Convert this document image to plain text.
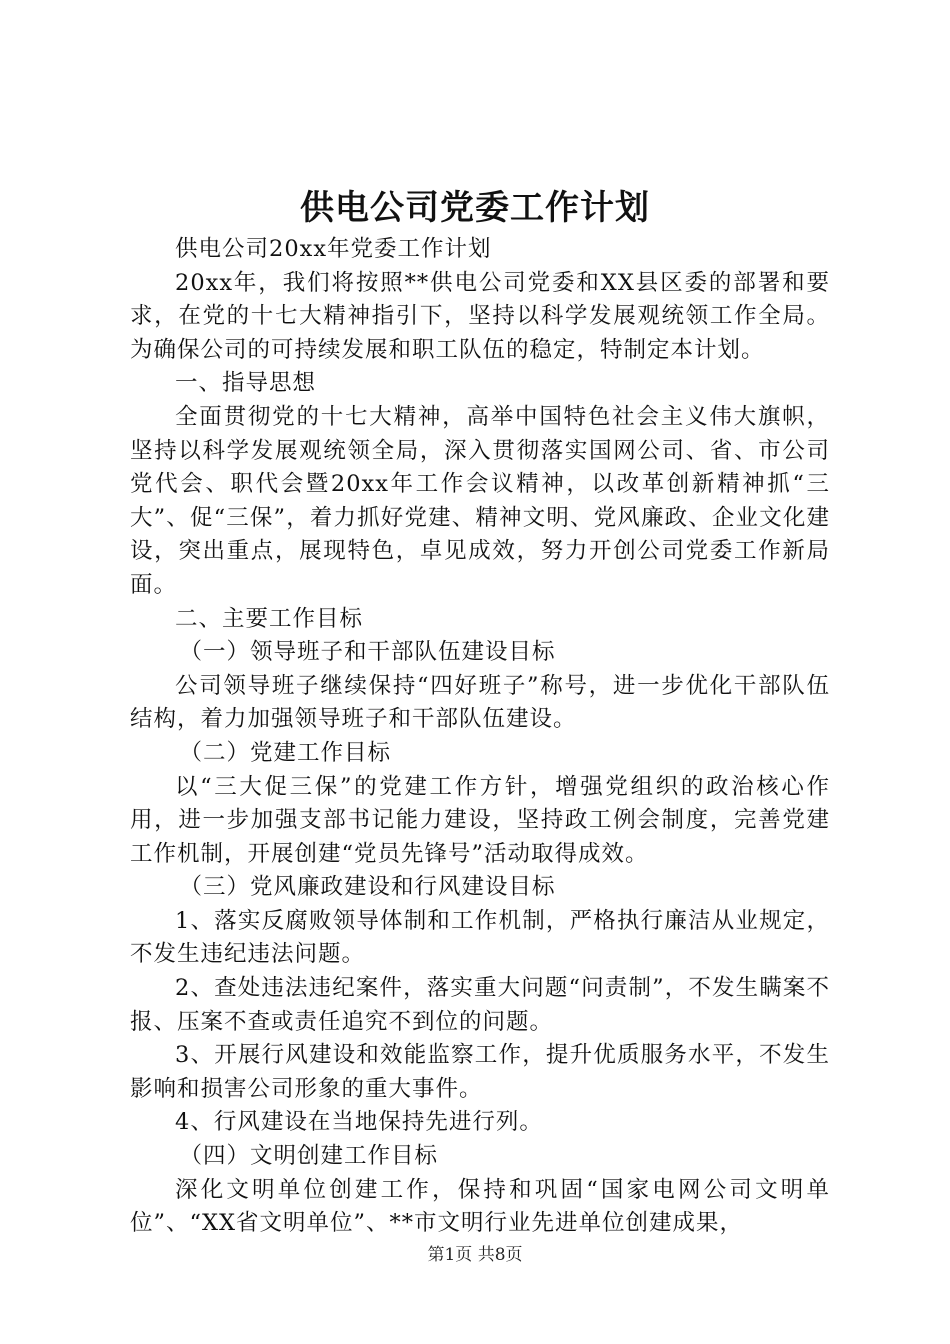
供电公司党委工作计划

供电公司20xx年党委工作计划

20xx年，我们将按照**供电公司党委和XX县区委的部署和要求，在党的十七大精神指引下，坚持以科学发展观统领工作全局。为确保公司的可持续发展和职工队伍的稳定，特制定本计划。

一、指导思想

全面贯彻党的十七大精神，高举中国特色社会主义伟大旗帜，坚持以科学发展观统领全局，深入贯彻落实国网公司、省、市公司党代会、职代会暨20xx年工作会议精神，以改革创新精神抓“三大”、促“三保”，着力抓好党建、精神文明、党风廉政、企业文化建设，突出重点，展现特色，卓见成效，努力开创公司党委工作新局面。

二、主要工作目标

（一）领导班子和干部队伍建设目标

公司领导班子继续保持“四好班子”称号，进一步优化干部队伍结构，着力加强领导班子和干部队伍建设。

（二）党建工作目标

以“三大促三保”的党建工作方针，增强党组织的政治核心作用，进一步加强支部书记能力建设，坚持政工例会制度，完善党建工作机制，开展创建“党员先锋号”活动取得成效。

（三）党风廉政建设和行风建设目标

1、落实反腐败领导体制和工作机制，严格执行廉洁从业规定，不发生违纪违法问题。

2、查处违法违纪案件，落实重大问题“问责制”，不发生瞒案不报、压案不查或责任追究不到位的问题。

3、开展行风建设和效能监察工作，提升优质服务水平，不发生影响和损害公司形象的重大事件。

4、行风建设在当地保持先进行列。

（四）文明创建工作目标

深化文明单位创建工作，保持和巩固“国家电网公司文明单位”、“XX省文明单位”、**市文明行业先进单位创建成果，

第1页 共8页
